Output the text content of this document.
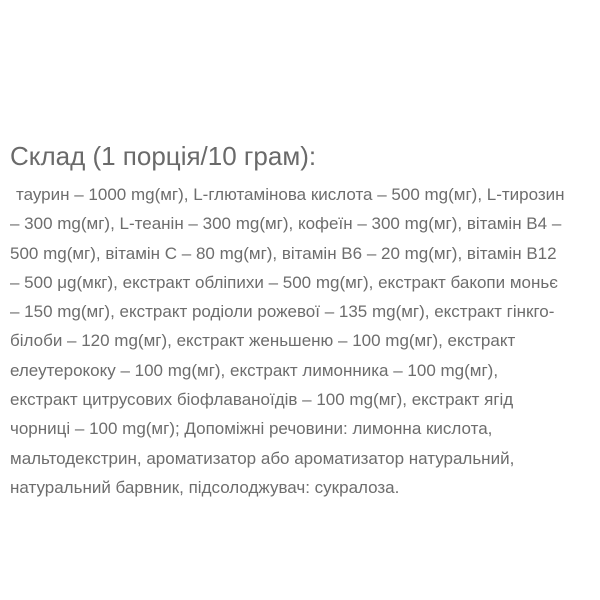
Склад (1 порція/10 грам):
таурин – 1000 mg(мг), L-глютамінова кислота – 500 mg(мг), L-тирозин
– 300 mg(мг), L-теанін – 300 mg(мг), кофеїн – 300 mg(мг), вітамін B4 –
500 mg(мг), вітамін С – 80 mg(мг), вітамін B6 – 20 mg(мг), вітамін B12
– 500 μg(мкг), екстракт обліпихи – 500 mg(мг), екстракт бакопи моньє
– 150 mg(мг), екстракт родіоли рожевої – 135 mg(мг), екстракт гінкго-
білоби – 120 mg(мг), екстракт женьшеню – 100 mg(мг), екстракт
елеутерококу – 100 mg(мг), екстракт лимонника – 100 mg(мг),
екстракт цитрусових біофлаваноїдів – 100 mg(мг), екстракт ягід
чорниці – 100 mg(мг); Допоміжні речовини: лимонна кислота,
мальтодекстрин, ароматизатор або ароматизатор натуральний,
натуральний барвник, підсолоджувач: сукралоза.
